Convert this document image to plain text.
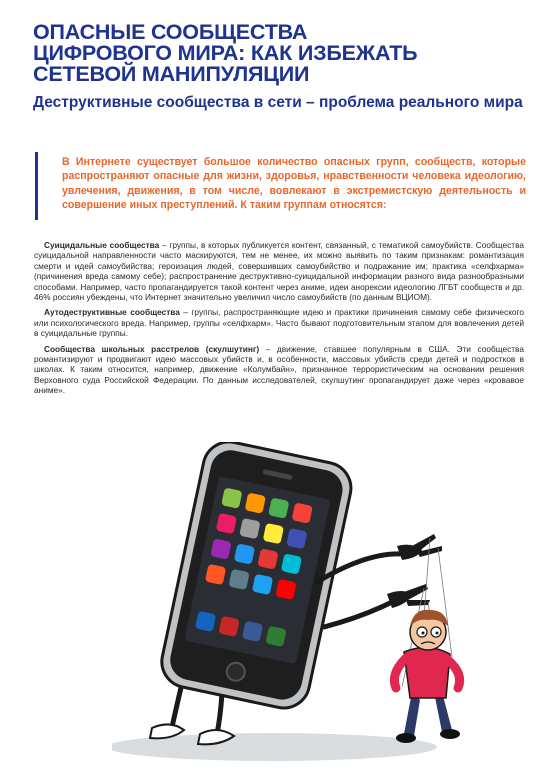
ОПАСНЫЕ СООБЩЕСТВА
ЦИФРОВОГО МИРА: КАК ИЗБЕЖАТЬ
СЕТЕВОЙ МАНИПУЛЯЦИИ
Деструктивные сообщества в сети – проблема реального мира

В Интернете существует большое количество опасных групп, сообществ, которые распространяют опасные для жизни, здоровья, нравственности человека идеологию, увлечения, движения, в том числе, вовлекают в экстремистскую деятельность и совершение иных преступлений. К таким группам относятся:

Суицидальные сообщества – группы, в которых публикуется контент, связанный, с тематикой самоубийств. Сообщества суицидальной направленности часто маскируются, тем не менее, их можно выявить по таким признакам: романтизация смерти и идей самоубийства; героизация людей, совершивших самоубийство и подражание им; практика «селфхарма» (причинения вреда самому себе); распространение деструктивно-суицидальной информации разного вида разнообразными способами. Например, часто пропагандируется такой контент через аниме, идеи анорексии идеологию ЛГБТ сообществ и др. 46% россиян убеждены, что Интернет значительно увеличил число самоубийств (по данным ВЦИОМ).

Аутодеструктивные сообщества – группы, распространяющие идею и практики причинения самому себе физического или психологического вреда. Например, группы «селфхарм». Часто бывают подготовительным этапом для вовлечения детей в суицидальные группы.

Сообщества школьных расстрелов (скулшутинг) – движение, ставшее популярным в США. Эти сообщества романтизируют и продвигают идею массовых убийств и, в особенности, массовых убийств среди детей и подростков в школах. К таким относится, например, движение «Колумбайн», признанное террористическим на основании решения Верховного суда Российской Федерации. По данным исследователей, скулшутинг пропагандирует даже через «кровавое аниме».
